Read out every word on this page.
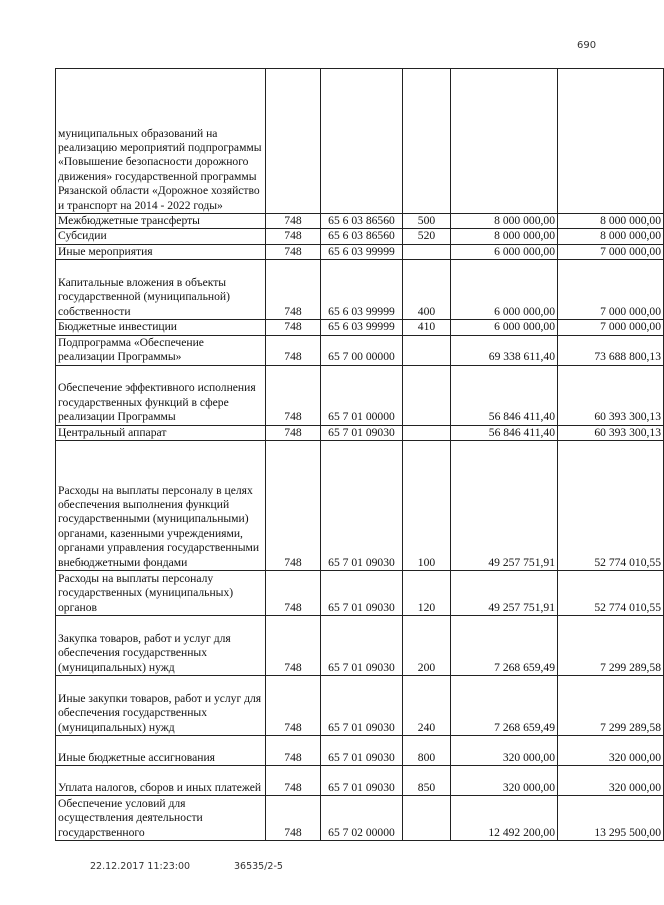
690
муниципальных образований на реализацию мероприятий подпрограммы «Повышение безопасности дорожного движения» государственной программы Рязанской области «Дорожное хозяйство и транспорт на 2014 - 2022 годы»					
Межбюджетные трансферты	748	65 6 03 86560	500	8 000 000,00	8 000 000,00
Субсидии	748	65 6 03 86560	520	8 000 000,00	8 000 000,00
Иные мероприятия	748	65 6 03 99999		6 000 000,00	7 000 000,00
Капитальные вложения в объекты государственной (муниципальной) собственности	748	65 6 03 99999	400	6 000 000,00	7 000 000,00
Бюджетные инвестиции	748	65 6 03 99999	410	6 000 000,00	7 000 000,00
Подпрограмма «Обеспечение реализации Программы»	748	65 7 00 00000		69 338 611,40	73 688 800,13
Обеспечение эффективного исполнения государственных функций в сфере реализации Программы	748	65 7 01 00000		56 846 411,40	60 393 300,13
Центральный аппарат	748	65 7 01 09030		56 846 411,40	60 393 300,13
Расходы на выплаты персоналу в целях обеспечения выполнения функций государственными (муниципальными) органами, казенными учреждениями, органами управления государственными внебюджетными фондами	748	65 7 01 09030	100	49 257 751,91	52 774 010,55
Расходы на выплаты персоналу государственных (муниципальных) органов	748	65 7 01 09030	120	49 257 751,91	52 774 010,55
Закупка товаров, работ и услуг для обеспечения государственных (муниципальных) нужд	748	65 7 01 09030	200	7 268 659,49	7 299 289,58
Иные закупки товаров, работ и услуг для обеспечения государственных (муниципальных) нужд	748	65 7 01 09030	240	7 268 659,49	7 299 289,58
Иные бюджетные ассигнования	748	65 7 01 09030	800	320 000,00	320 000,00
Уплата налогов, сборов и иных платежей	748	65 7 01 09030	850	320 000,00	320 000,00
Обеспечение условий для осуществления деятельности государственного	748	65 7 02 00000		12 492 200,00	13 295 500,00
22.12.2017 11:23:00	36535/2-5
